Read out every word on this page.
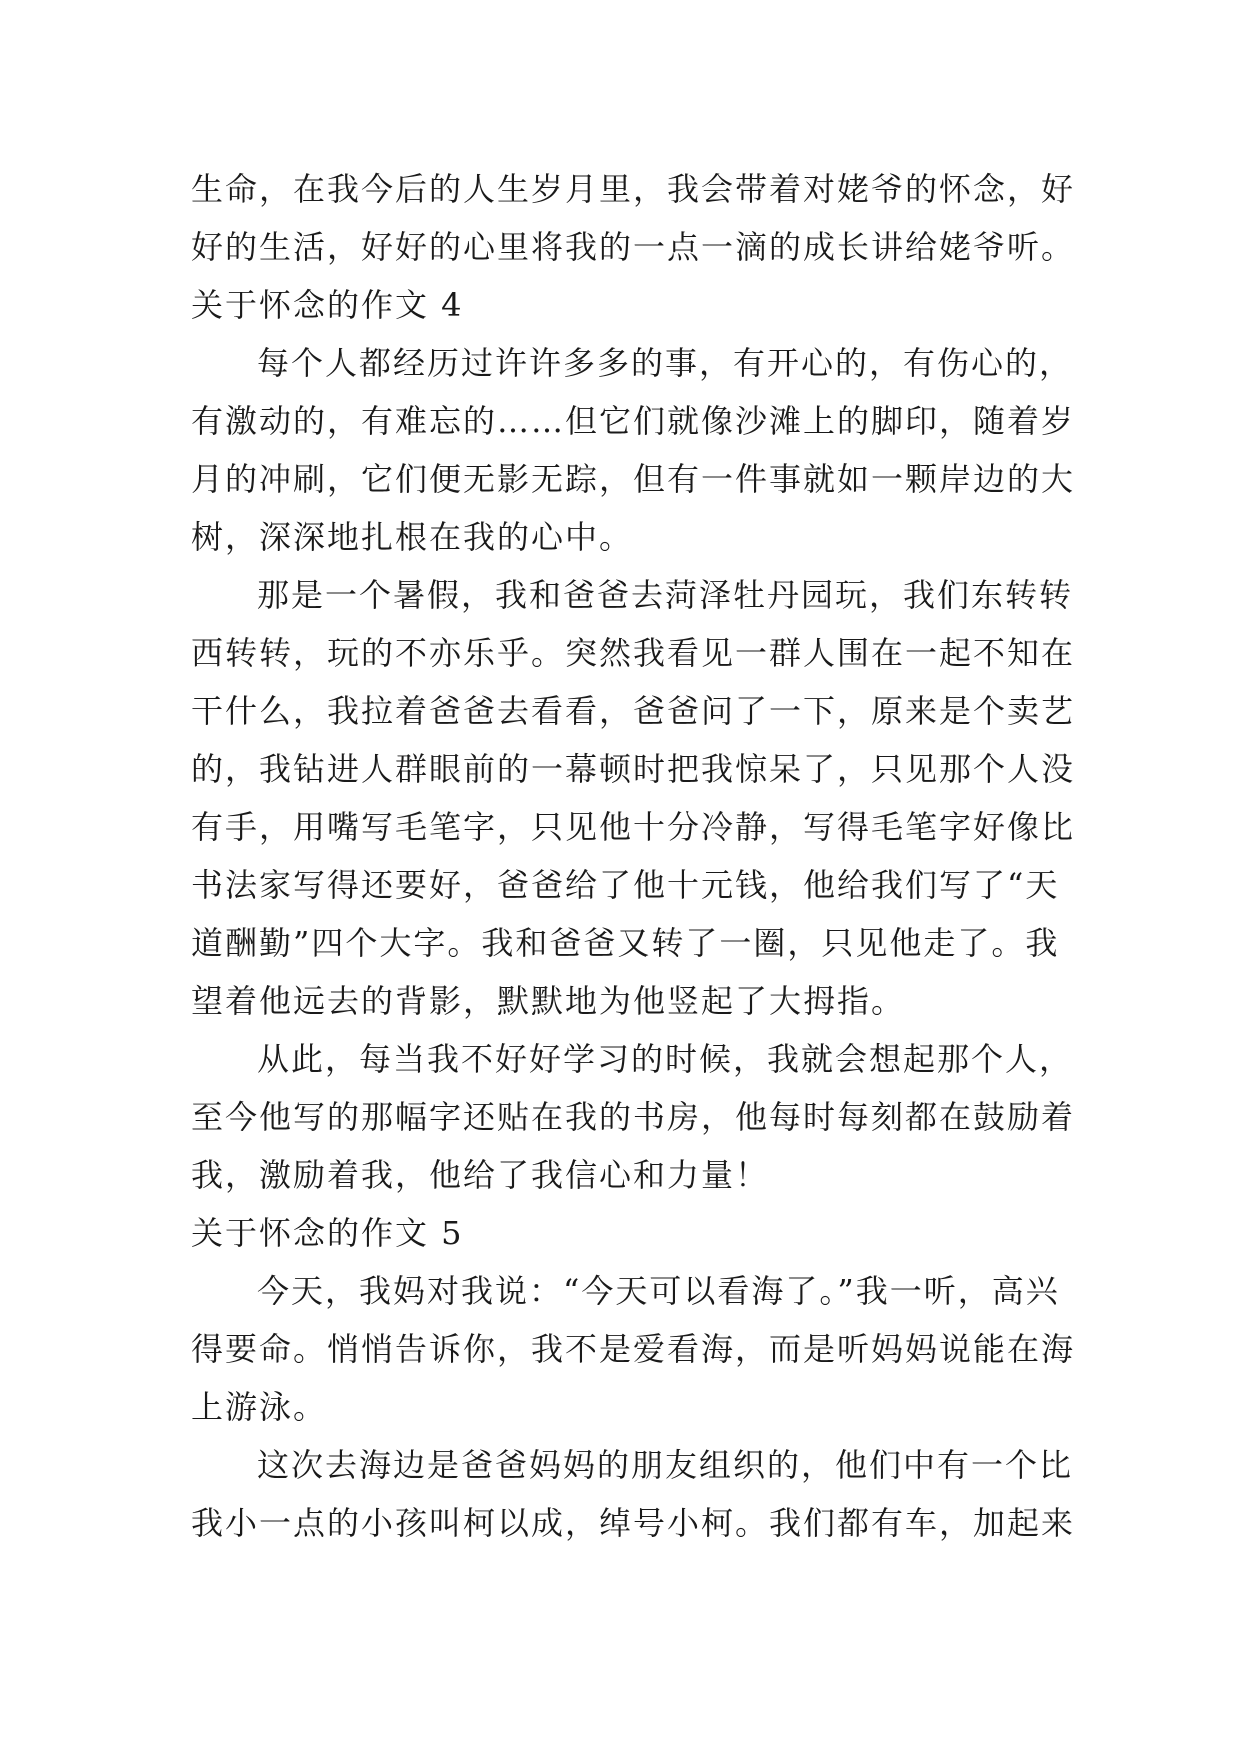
生命，在我今后的人生岁月里，我会带着对姥爷的怀念，好
好的生活，好好的心里将我的一点一滴的成长讲给姥爷听。
关于怀念的作文 4
每个人都经历过许许多多的事，有开心的，有伤心的，
有激动的，有难忘的……但它们就像沙滩上的脚印，随着岁
月的冲刷，它们便无影无踪，但有一件事就如一颗岸边的大
树，深深地扎根在我的心中。
那是一个暑假，我和爸爸去菏泽牡丹园玩，我们东转转
西转转，玩的不亦乐乎。突然我看见一群人围在一起不知在
干什么，我拉着爸爸去看看，爸爸问了一下，原来是个卖艺
的，我钻进人群眼前的一幕顿时把我惊呆了，只见那个人没
有手，用嘴写毛笔字，只见他十分冷静，写得毛笔字好像比
书法家写得还要好，爸爸给了他十元钱，他给我们写了“天
道酬勤”四个大字。我和爸爸又转了一圈，只见他走了。我
望着他远去的背影，默默地为他竖起了大拇指。
从此，每当我不好好学习的时候，我就会想起那个人，
至今他写的那幅字还贴在我的书房，他每时每刻都在鼓励着
我，激励着我，他给了我信心和力量！
关于怀念的作文 5
今天，我妈对我说：“今天可以看海了。”我一听，高兴
得要命。悄悄告诉你，我不是爱看海，而是听妈妈说能在海
上游泳。
这次去海边是爸爸妈妈的朋友组织的，他们中有一个比
我小一点的小孩叫柯以成，绰号小柯。我们都有车，加起来
